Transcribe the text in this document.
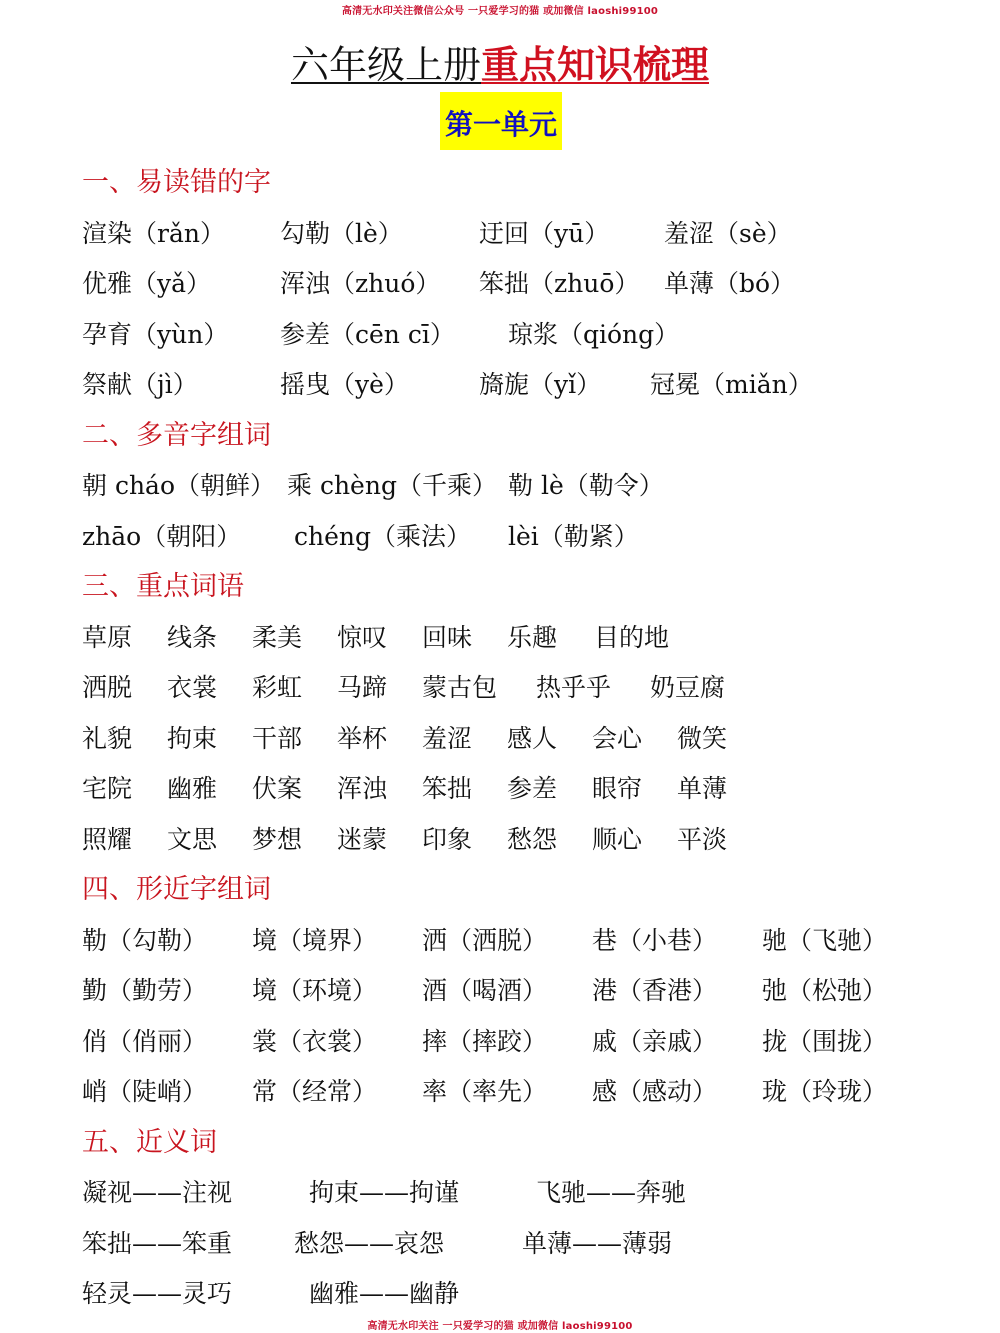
高清无水印关注微信公众号 一只爱学习的猫 或加微信 laoshi99100
六年级上册重点知识梳理
第一单元
一、易读错的字
渲染（rǎn） 勾勒（lè）	迂回（yū） 羞涩（sè）
优雅（yǎ）	浑浊（zhuó） 笨拙（zhuō） 单薄（bó）
孕育（yùn） 参差（cēn cī） 琼浆（qióng）
祭献（jì）	摇曳（yè）	旖旎（yǐ） 冠冕（miǎn）
二、多音字组词
朝 cháo（朝鲜） 乘 chèng（千乘） 勒 lè（勒令）
zhāo（朝阳） chéng（乘法） lèi（勒紧）
三、重点词语
草原 线条 柔美 惊叹 回味 乐趣 目的地
洒脱 衣裳 彩虹 马蹄 蒙古包 热乎乎 奶豆腐
礼貌 拘束 干部 举杯 羞涩 感人 会心 微笑
宅院 幽雅 伏案 浑浊 笨拙 参差 眼帘 单薄
照耀 文思 梦想 迷蒙 印象 愁怨 顺心 平淡
四、形近字组词
勒（勾勒） 境（境界） 洒（洒脱） 巷（小巷） 驰（飞驰）
勤（勤劳） 境（环境） 酒（喝酒） 港（香港） 弛（松弛）
俏（俏丽） 裳（衣裳） 摔（摔跤） 戚（亲戚） 拢（围拢）
峭（陡峭） 常（经常） 率（率先） 感（感动） 珑（玲珑）
五、近义词
凝视——注视	拘束——拘谨	飞驰——奔驰
笨拙——笨重 愁怨——哀怨	单薄——薄弱
轻灵——灵巧	幽雅——幽静
高清无水印关注 一只爱学习的猫 或加微信 laoshi99100
